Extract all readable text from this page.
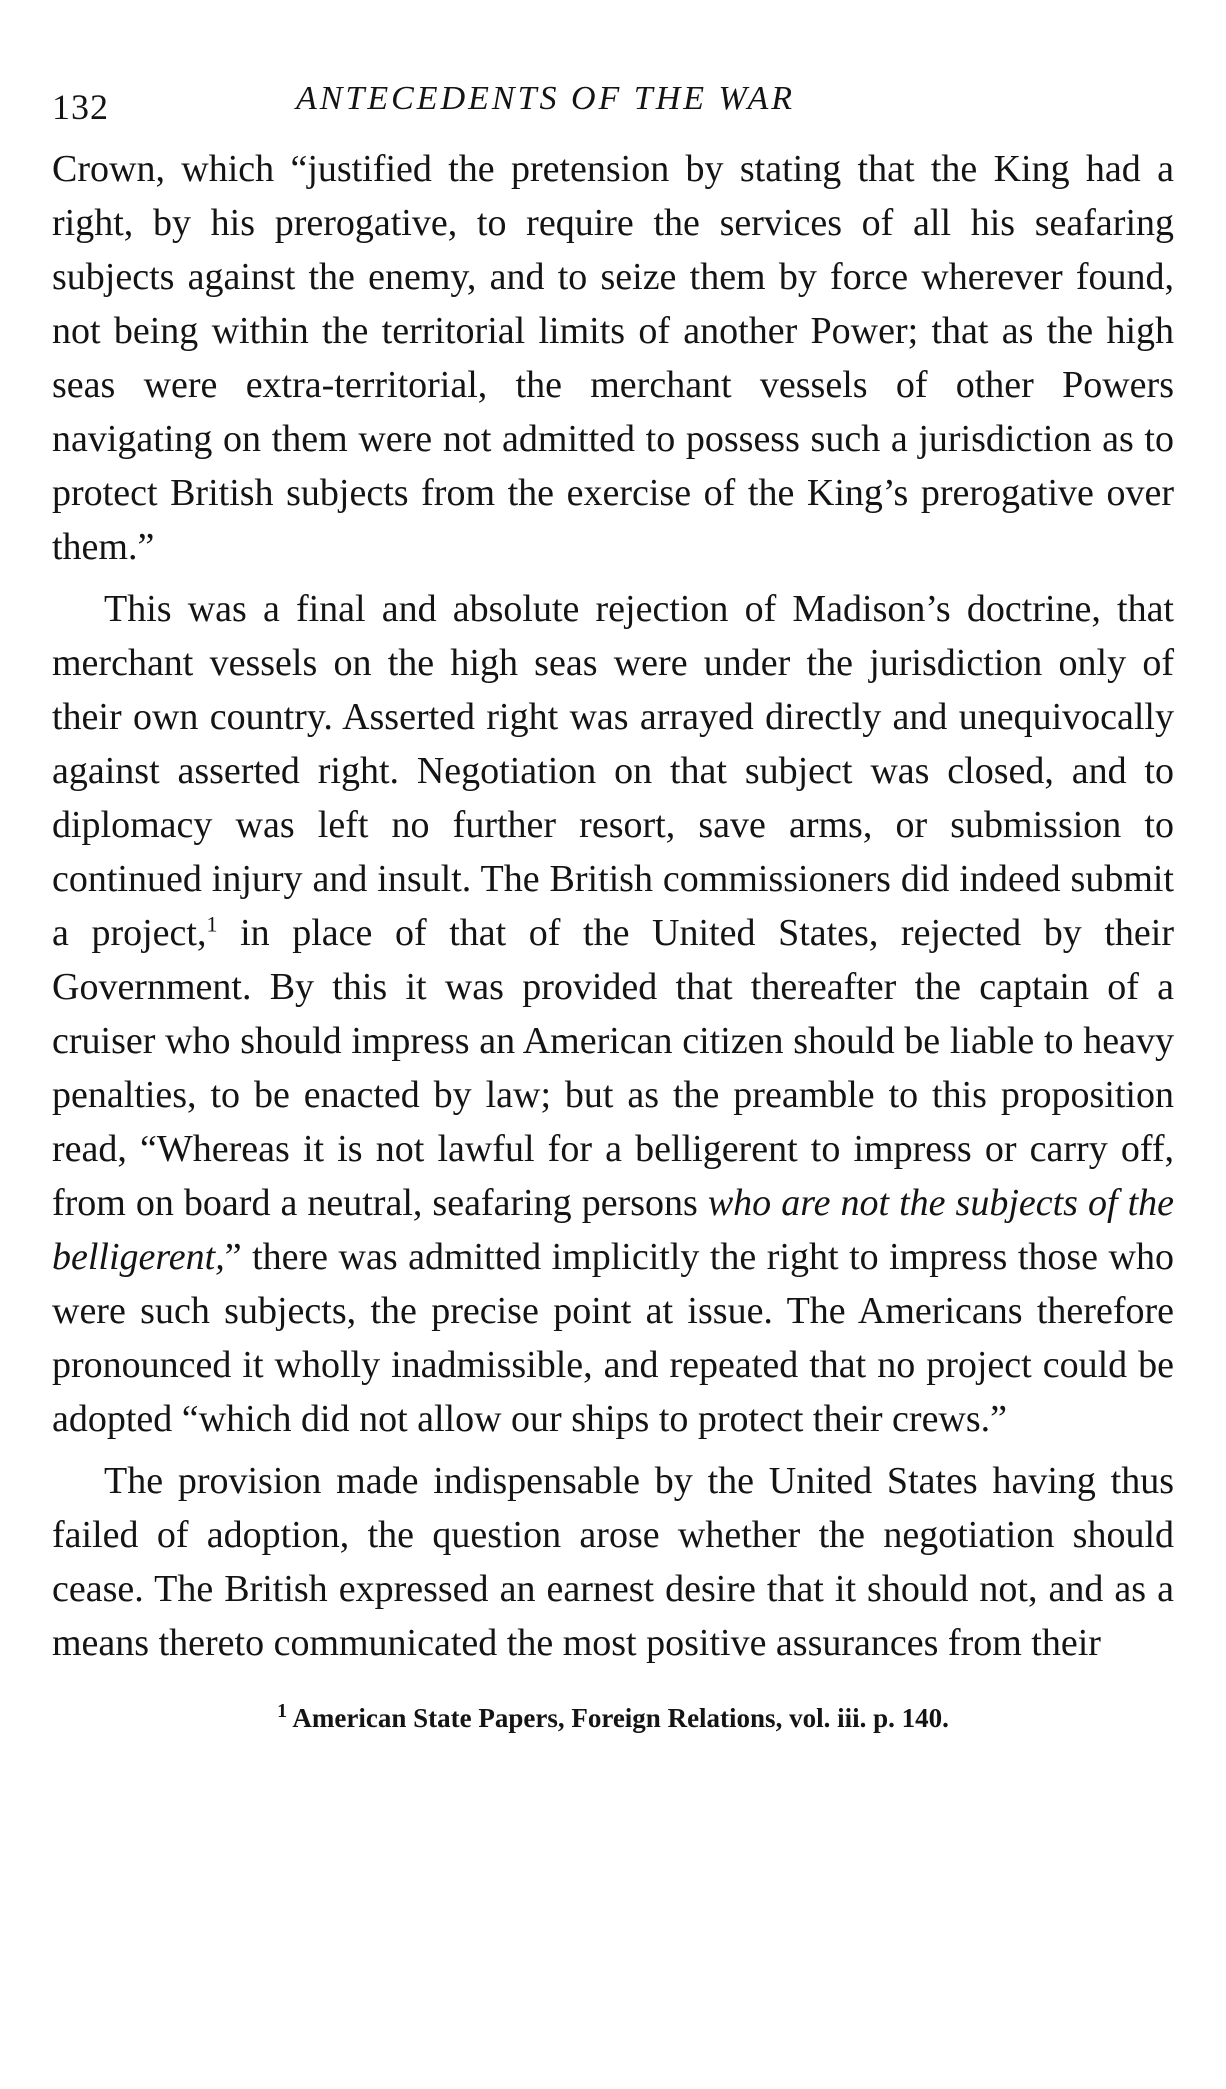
132	ANTECEDENTS OF THE WAR

Crown, which “justified the pretension by stating that the King had a right, by his prerogative, to require the services of all his seafaring subjects against the enemy, and to seize them by force wherever found, not being within the territorial limits of another Power; that as the high seas were extra-territorial, the merchant vessels of other Powers navigating on them were not admitted to possess such a jurisdiction as to protect British subjects from the exercise of the King’s prerogative over them.”

This was a final and absolute rejection of Madison’s doctrine, that merchant vessels on the high seas were under the jurisdiction only of their own country. Asserted right was arrayed directly and unequivocally against asserted right. Negotiation on that subject was closed, and to diplomacy was left no further resort, save arms, or submission to continued injury and insult. The British commissioners did indeed submit a project,$^1$ in place of that of the United States, rejected by their Government. By this it was provided that thereafter the captain of a cruiser who should impress an American citizen should be liable to heavy penalties, to be enacted by law; but as the preamble to this proposition read, “Whereas it is not lawful for a belligerent to impress or carry off, from on board a neutral, seafaring persons who are not the subjects of the belligerent,” there was admitted implicitly the right to impress those who were such subjects, the precise point at issue. The Americans therefore pronounced it wholly inadmissible, and repeated that no project could be adopted “which did not allow our ships to protect their crews.”

The provision made indispensable by the United States having thus failed of adoption, the question arose whether the negotiation should cease. The British expressed an earnest desire that it should not, and as a means thereto communicated the most positive assurances from their

$^1$ American State Papers, Foreign Relations, vol. iii. p. 140.
